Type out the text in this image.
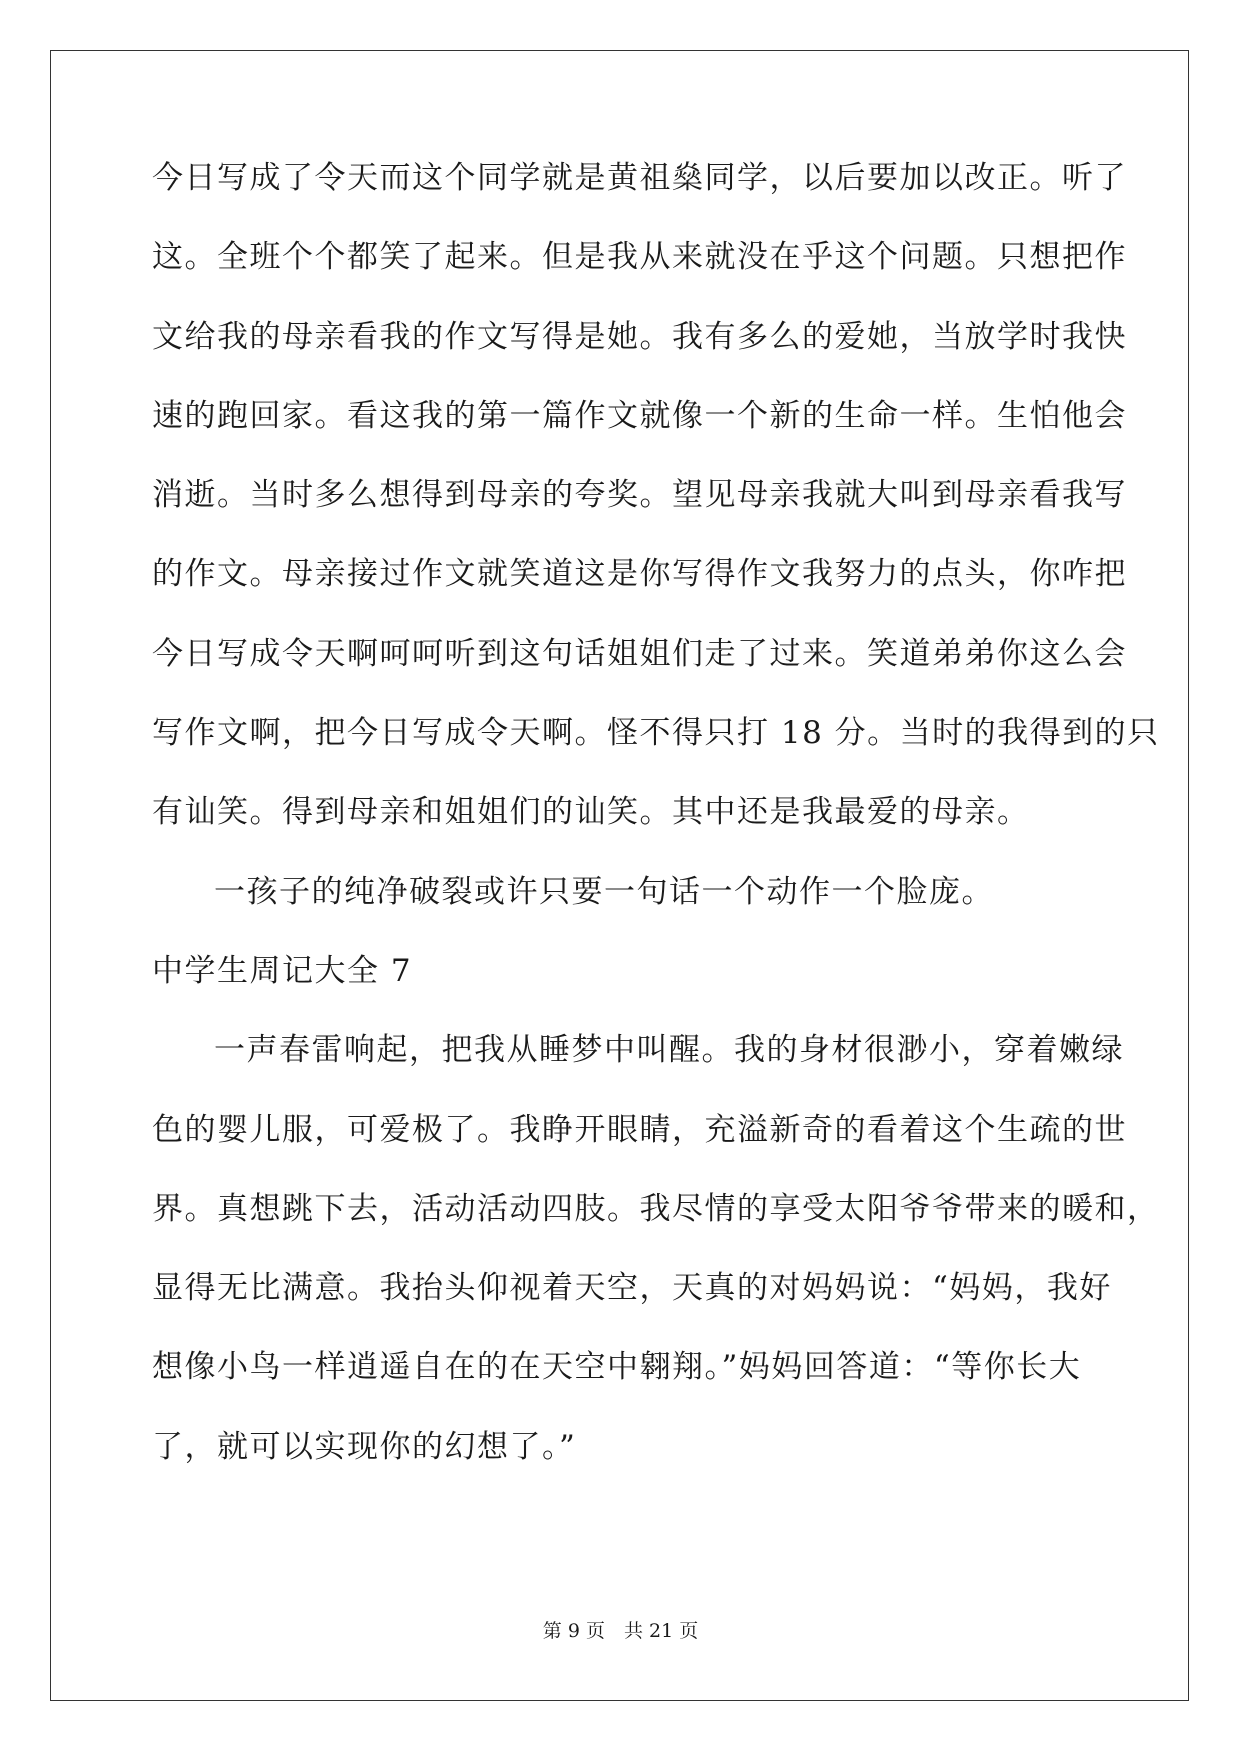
今日写成了令天而这个同学就是黄祖燊同学，以后要加以改正。听了
这。全班个个都笑了起来。但是我从来就没在乎这个问题。只想把作
文给我的母亲看我的作文写得是她。我有多么的爱她，当放学时我快
速的跑回家。看这我的第一篇作文就像一个新的生命一样。生怕他会
消逝。当时多么想得到母亲的夸奖。望见母亲我就大叫到母亲看我写
的作文。母亲接过作文就笑道这是你写得作文我努力的点头，你咋把
今日写成令天啊呵呵听到这句话姐姐们走了过来。笑道弟弟你这么会
写作文啊，把今日写成令天啊。怪不得只打 18 分。当时的我得到的只
有讪笑。得到母亲和姐姐们的讪笑。其中还是我最爱的母亲。
一孩子的纯净破裂或许只要一句话一个动作一个脸庞。
中学生周记大全 7
一声春雷响起，把我从睡梦中叫醒。我的身材很渺小，穿着嫩绿
色的婴儿服，可爱极了。我睁开眼睛，充溢新奇的看着这个生疏的世
界。真想跳下去，活动活动四肢。我尽情的享受太阳爷爷带来的暖和，
显得无比满意。我抬头仰视着天空，天真的对妈妈说：“妈妈，我好
想像小鸟一样逍遥自在的在天空中翱翔。”妈妈回答道：“等你长大
了，就可以实现你的幻想了。”
第 9 页　共 21 页
